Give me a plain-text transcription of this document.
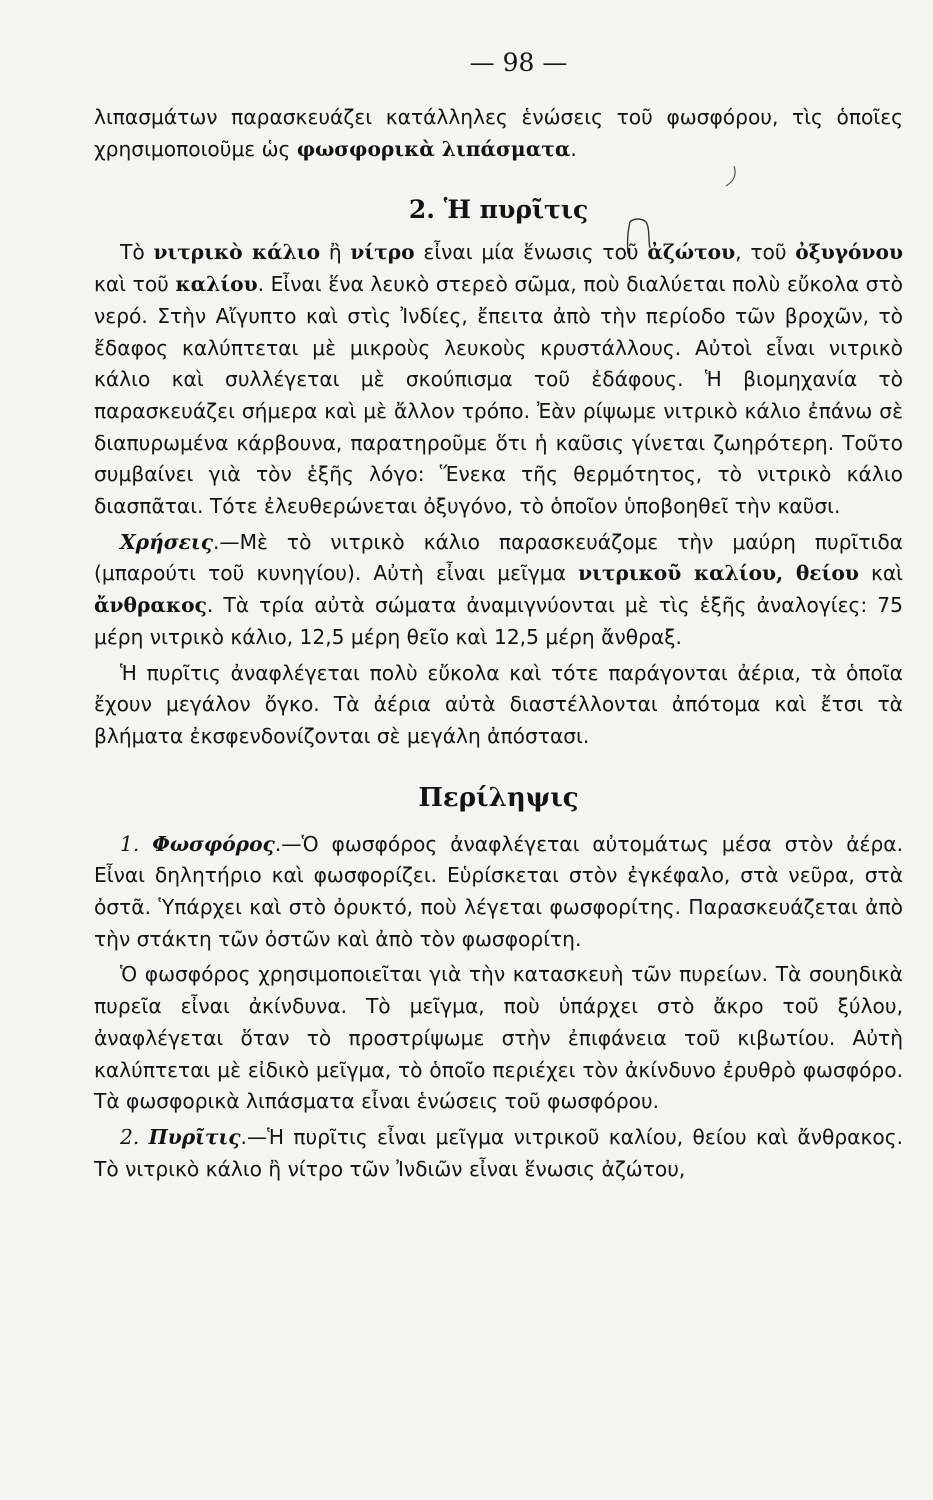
— 98 —

λιπασμάτων παρασκευάζει κατάλληλες ἑνώσεις τοῦ φωσφόρου, τὶς ὁποῖες χρησιμοποιοῦμε ὡς φωσφορικὰ λιπάσματα.

2. Ἡ πυρῖτις

Τὸ νιτρικὸ κάλιο ἢ νίτρο εἶναι μία ἕνωσις τοῦ ἀζώτου, τοῦ ὀξυγόνου καὶ τοῦ καλίου. Εἶναι ἕνα λευκὸ στερεὸ σῶμα, ποὺ διαλύεται πολὺ εὔκολα στὸ νερό. Στὴν Αἴγυπτο καὶ στὶς Ἰνδίες, ἔπειτα ἀπὸ τὴν περίοδο τῶν βροχῶν, τὸ ἔδαφος καλύπτεται μὲ μικροὺς λευκοὺς κρυστάλλους. Αὐτοὶ εἶναι νιτρικὸ κάλιο καὶ συλλέγεται μὲ σκούπισμα τοῦ ἐδάφους. Ἡ βιομηχανία τὸ παρασκευάζει σήμερα καὶ μὲ ἄλλον τρόπο. Ἐὰν ρίψωμε νιτρικὸ κάλιο ἐπάνω σὲ διαπυρωμένα κάρβουνα, παρατηροῦμε ὅτι ἡ καῦσις γίνεται ζωηρότερη. Τοῦτο συμβαίνει γιὰ τὸν ἑξῆς λόγο: Ἕνεκα τῆς θερμότητος, τὸ νιτρικὸ κάλιο διασπᾶται. Τότε ἐλευθερώνεται ὀξυγόνο, τὸ ὁποῖον ὑποβοηθεῖ τὴν καῦσι.

Χρήσεις.—Μὲ τὸ νιτρικὸ κάλιο παρασκευάζομε τὴν μαύρη πυρῖτιδα (μπαρούτι τοῦ κυνηγίου). Αὐτὴ εἶναι μεῖγμα νιτρικοῦ καλίου, θείου καὶ ἄνθρακος. Τὰ τρία αὐτὰ σώματα ἀναμιγνύονται μὲ τὶς ἑξῆς ἀναλογίες: 75 μέρη νιτρικὸ κάλιο, 12,5 μέρη θεῖο καὶ 12,5 μέρη ἄνθραξ.

Ἡ πυρῖτις ἀναφλέγεται πολὺ εὔκολα καὶ τότε παράγονται ἀέρια, τὰ ὁποῖα ἔχουν μεγάλον ὄγκο. Τὰ ἀέρια αὐτὰ διαστέλλονται ἀπότομα καὶ ἔτσι τὰ βλήματα ἐκσφενδονίζονται σὲ μεγάλη ἀπόστασι.

Περίληψις

1. Φωσφόρος.—Ὁ φωσφόρος ἀναφλέγεται αὐτομάτως μέσα στὸν ἀέρα. Εἶναι δηλητήριο καὶ φωσφορίζει. Εὑρίσκεται στὸν ἐγκέφαλο, στὰ νεῦρα, στὰ ὀστᾶ. Ὑπάρχει καὶ στὸ ὀρυκτό, ποὺ λέγεται φωσφορίτης. Παρασκευάζεται ἀπὸ τὴν στάκτη τῶν ὀστῶν καὶ ἀπὸ τὸν φωσφορίτη.

Ὁ φωσφόρος χρησιμοποιεῖται γιὰ τὴν κατασκευὴ τῶν πυρείων. Τὰ σουηδικὰ πυρεῖα εἶναι ἀκίνδυνα. Τὸ μεῖγμα, ποὺ ὑπάρχει στὸ ἄκρο τοῦ ξύλου, ἀναφλέγεται ὅταν τὸ προστρίψωμε στὴν ἐπιφάνεια τοῦ κιβωτίου. Αὐτὴ καλύπτεται μὲ εἰδικὸ μεῖγμα, τὸ ὁποῖο περιέχει τὸν ἀκίνδυνο ἐρυθρὸ φωσφόρο. Τὰ φωσφορικὰ λιπάσματα εἶναι ἑνώσεις τοῦ φωσφόρου.

2. Πυρῖτις.—Ἡ πυρῖτις εἶναι μεῖγμα νιτρικοῦ καλίου, θείου καὶ ἄνθρακος. Τὸ νιτρικὸ κάλιο ἢ νίτρο τῶν Ἰνδιῶν εἶναι ἕνωσις ἀζώτου,
